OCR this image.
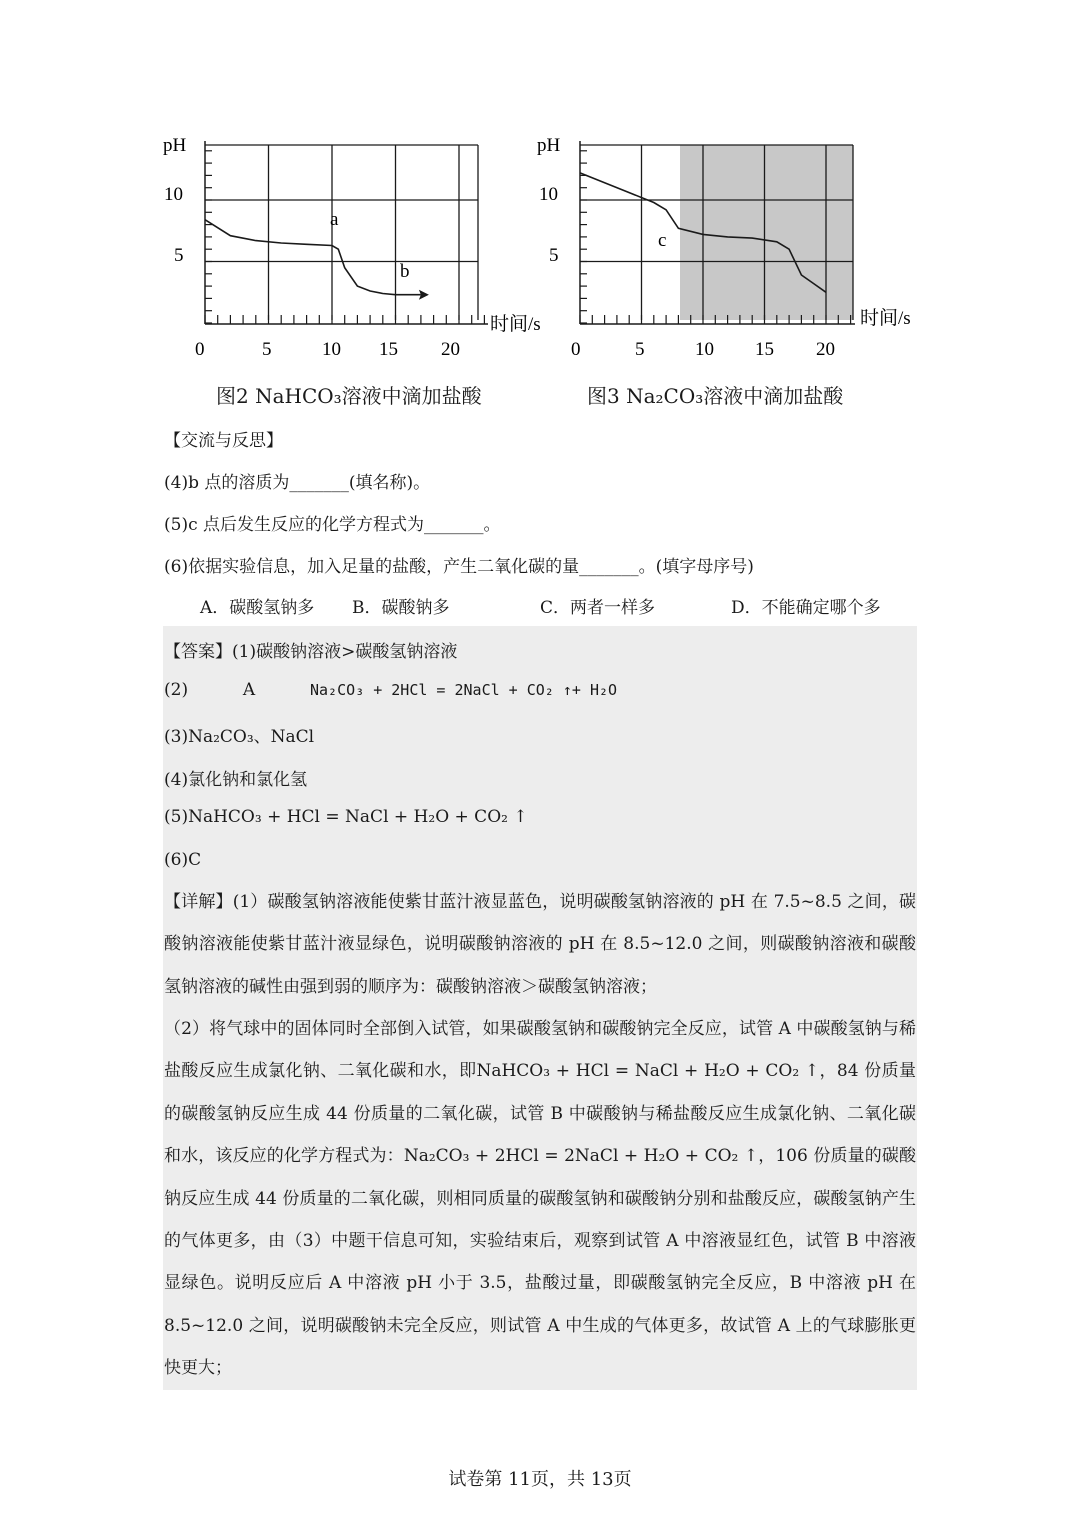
pH
时间/s
10
5
0	5	10 15 20
a
b
pH
时间/s
10
5
0	5	10 15 20
c
图2 NaHCO₃溶液中滴加盐酸	图3 Na₂CO₃溶液中滴加盐酸
【交流与反思】
(4)b 点的溶质为_______(填名称)。
(5)c 点后发生反应的化学方程式为_______。
(6)依据实验信息，加入足量的盐酸，产生二氧化碳的量_______。(填字母序号)
A．碳酸氢钠多 B．碳酸钠多	C．两者一样多	D．不能确定哪个多
【答案】(1)碳酸钠溶液>碳酸氢钠溶液
(2)	A	Na₂CO₃ + 2HCl = 2NaCl + CO₂ ↑+ H₂O
(3)Na₂CO₃、NaCl
(4)氯化钠和氯化氢
(5)NaHCO₃ + HCl = NaCl + H₂O + CO₂ ↑
(6)C
【详解】(1）碳酸氢钠溶液能使紫甘蓝汁液显蓝色，说明碳酸氢钠溶液的 pH 在 7.5~8.5 之间，碳酸钠溶液能使紫甘蓝汁液显绿色，说明碳酸钠溶液的 pH 在 8.5~12.0 之间，则碳酸钠溶液和碳酸氢钠溶液的碱性由强到弱的顺序为：碳酸钠溶液＞碳酸氢钠溶液；
（2）将气球中的固体同时全部倒入试管，如果碳酸氢钠和碳酸钠完全反应，试管 A 中碳酸氢钠与稀盐酸反应生成氯化钠、二氧化碳和水，即NaHCO₃ + HCl = NaCl + H₂O + CO₂ ↑，84 份质量的碳酸氢钠反应生成 44 份质量的二氧化碳，试管 B 中碳酸钠与稀盐酸反应生成氯化钠、二氧化碳和水，该反应的化学方程式为：Na₂CO₃ + 2HCl = 2NaCl + H₂O + CO₂ ↑，106 份质量的碳酸钠反应生成 44 份质量的二氧化碳，则相同质量的碳酸氢钠和碳酸钠分别和盐酸反应，碳酸氢钠产生的气体更多，由（3）中题干信息可知，实验结束后，观察到试管 A 中溶液显红色，试管 B 中溶液显绿色。说明反应后 A 中溶液 pH 小于 3.5，盐酸过量，即碳酸氢钠完全反应，B 中溶液 pH 在 8.5~12.0 之间，说明碳酸钠未完全反应，则试管 A 中生成的气体更多，故试管 A 上的气球膨胀更快更大；
试卷第 11页，共 13页
